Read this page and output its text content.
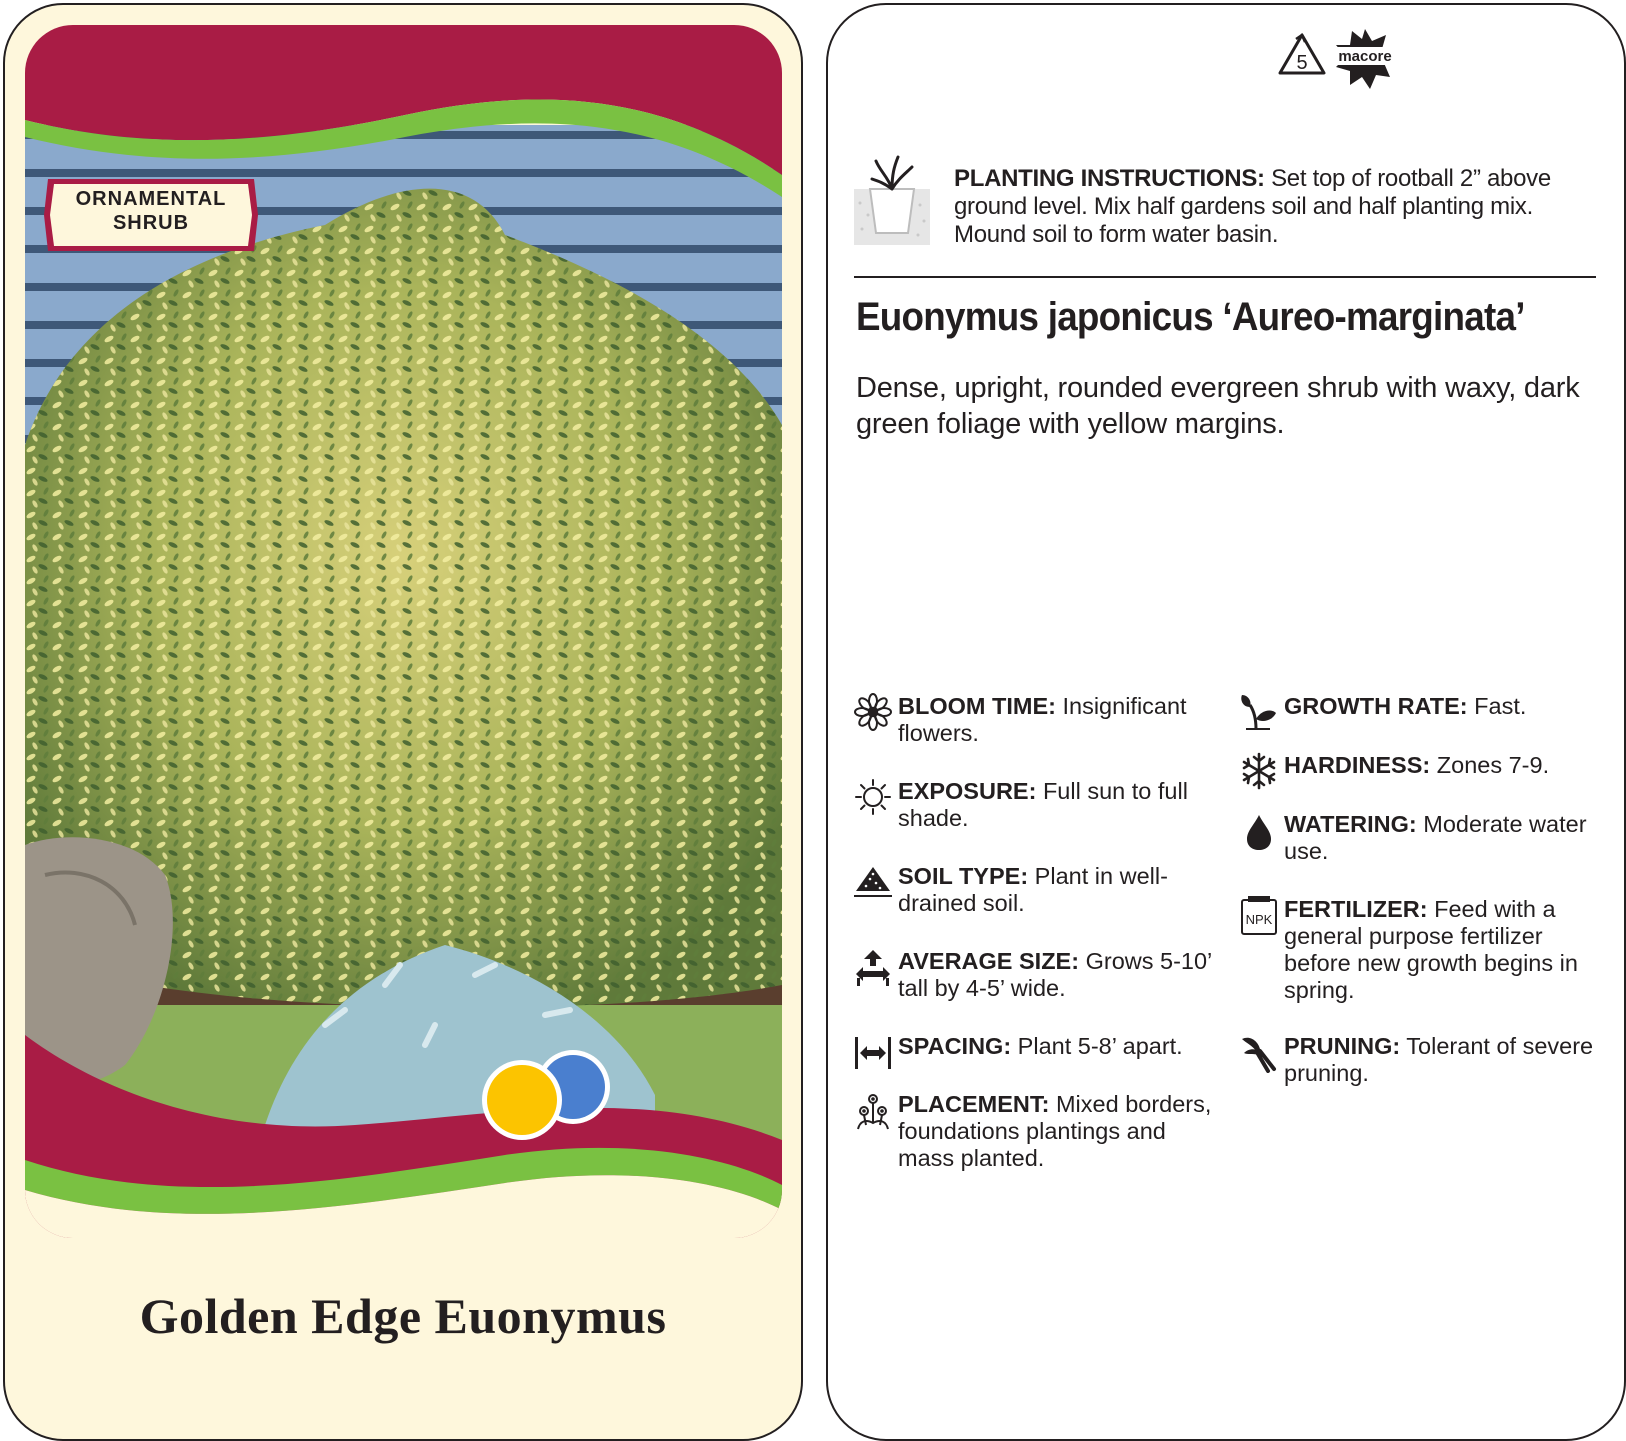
ORNAMENTAL
SHRUB
Golden Edge Euonymus
5 macore
PLANTING INSTRUCTIONS: Set top of rootball 2” above ground level. Mix half gardens soil and half planting mix. Mound soil to form water basin.
Euonymus japonicus ‘Aureo-marginata’
Dense, upright, rounded evergreen shrub with waxy, dark green foliage with yellow margins.
BLOOM TIME: Insignificant flowers.
EXPOSURE: Full sun to full shade.
SOIL TYPE: Plant in well-drained soil.
AVERAGE SIZE: Grows 5-10’ tall by 4-5’ wide.
SPACING: Plant 5-8’ apart.
PLACEMENT: Mixed borders, foundations plantings and mass planted.
GROWTH RATE: Fast.
HARDINESS: Zones 7-9.
WATERING: Moderate water use.
NPK FERTILIZER: Feed with a general purpose fertilizer before new growth begins in spring.
PRUNING: Tolerant of severe pruning.
